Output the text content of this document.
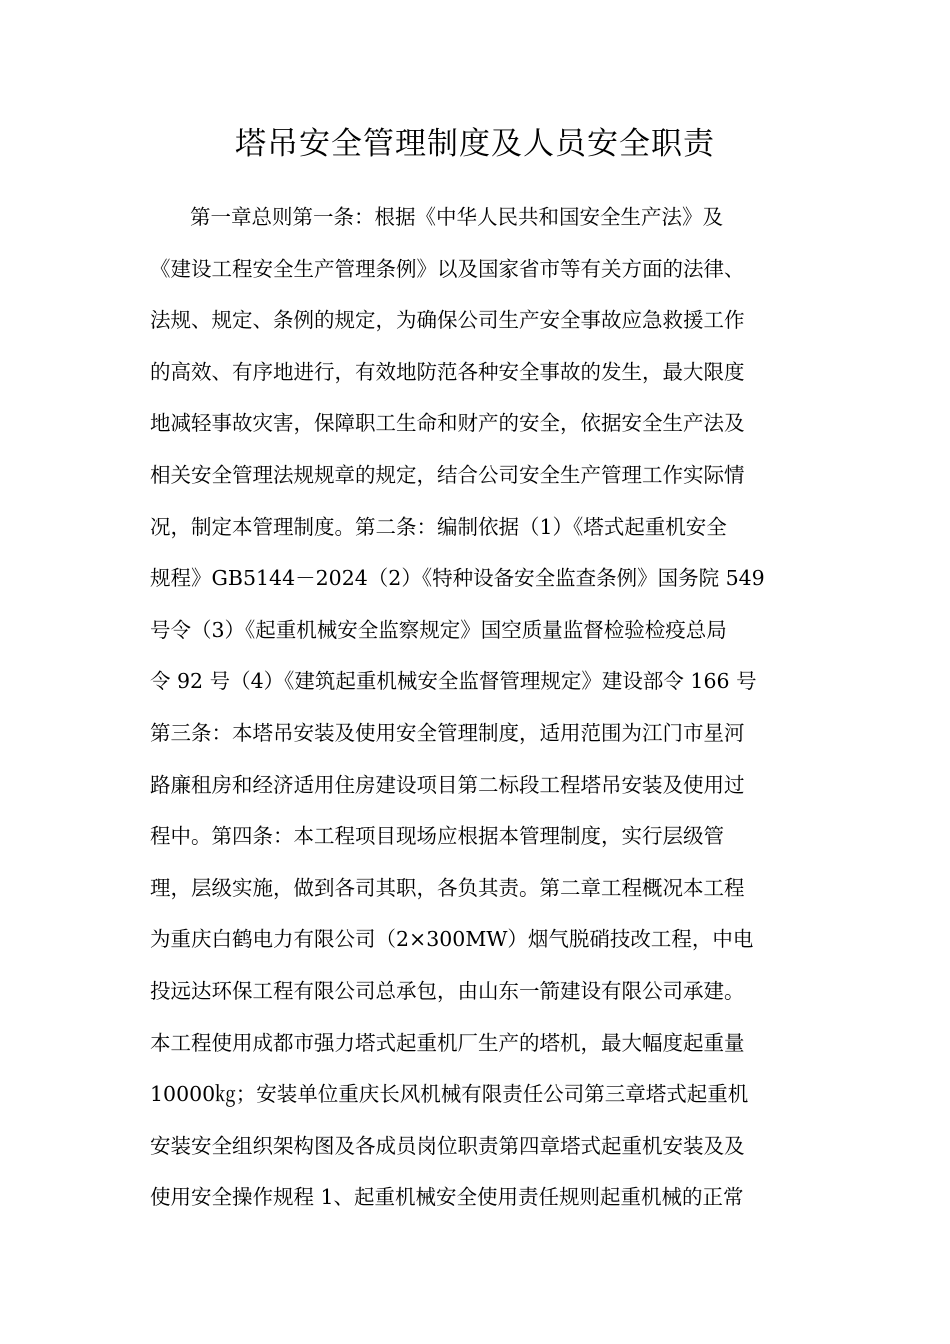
塔吊安全管理制度及人员安全职责
第一章总则第一条：根据《中华人民共和国安全生产法》及
《建设工程安全生产管理条例》以及国家省市等有关方面的法律、
法规、规定、条例的规定，为确保公司生产安全事故应急救援工作
的高效、有序地进行，有效地防范各种安全事故的发生，最大限度
地减轻事故灾害，保障职工生命和财产的安全，依据安全生产法及
相关安全管理法规规章的规定，结合公司安全生产管理工作实际情
况，制定本管理制度。第二条：编制依据（1）《塔式起重机安全
规程》GB5144－2024（2）《特种设备安全监查条例》国务院 549
号令（3）《起重机械安全监察规定》国空质量监督检验检疫总局
令 92 号（4）《建筑起重机械安全监督管理规定》建设部令 166 号
第三条：本塔吊安装及使用安全管理制度，适用范围为江门市星河
路廉租房和经济适用住房建设项目第二标段工程塔吊安装及使用过
程中。第四条：本工程项目现场应根据本管理制度，实行层级管
理，层级实施，做到各司其职，各负其责。第二章工程概况本工程
为重庆白鹤电力有限公司（2×300MW）烟气脱硝技改工程，中电
投远达环保工程有限公司总承包，由山东一箭建设有限公司承建。
本工程使用成都市强力塔式起重机厂生产的塔机，最大幅度起重量
10000㎏；安装单位重庆长风机械有限责任公司第三章塔式起重机
安装安全组织架构图及各成员岗位职责第四章塔式起重机安装及及
使用安全操作规程 1、起重机械安全使用责任规则起重机械的正常
